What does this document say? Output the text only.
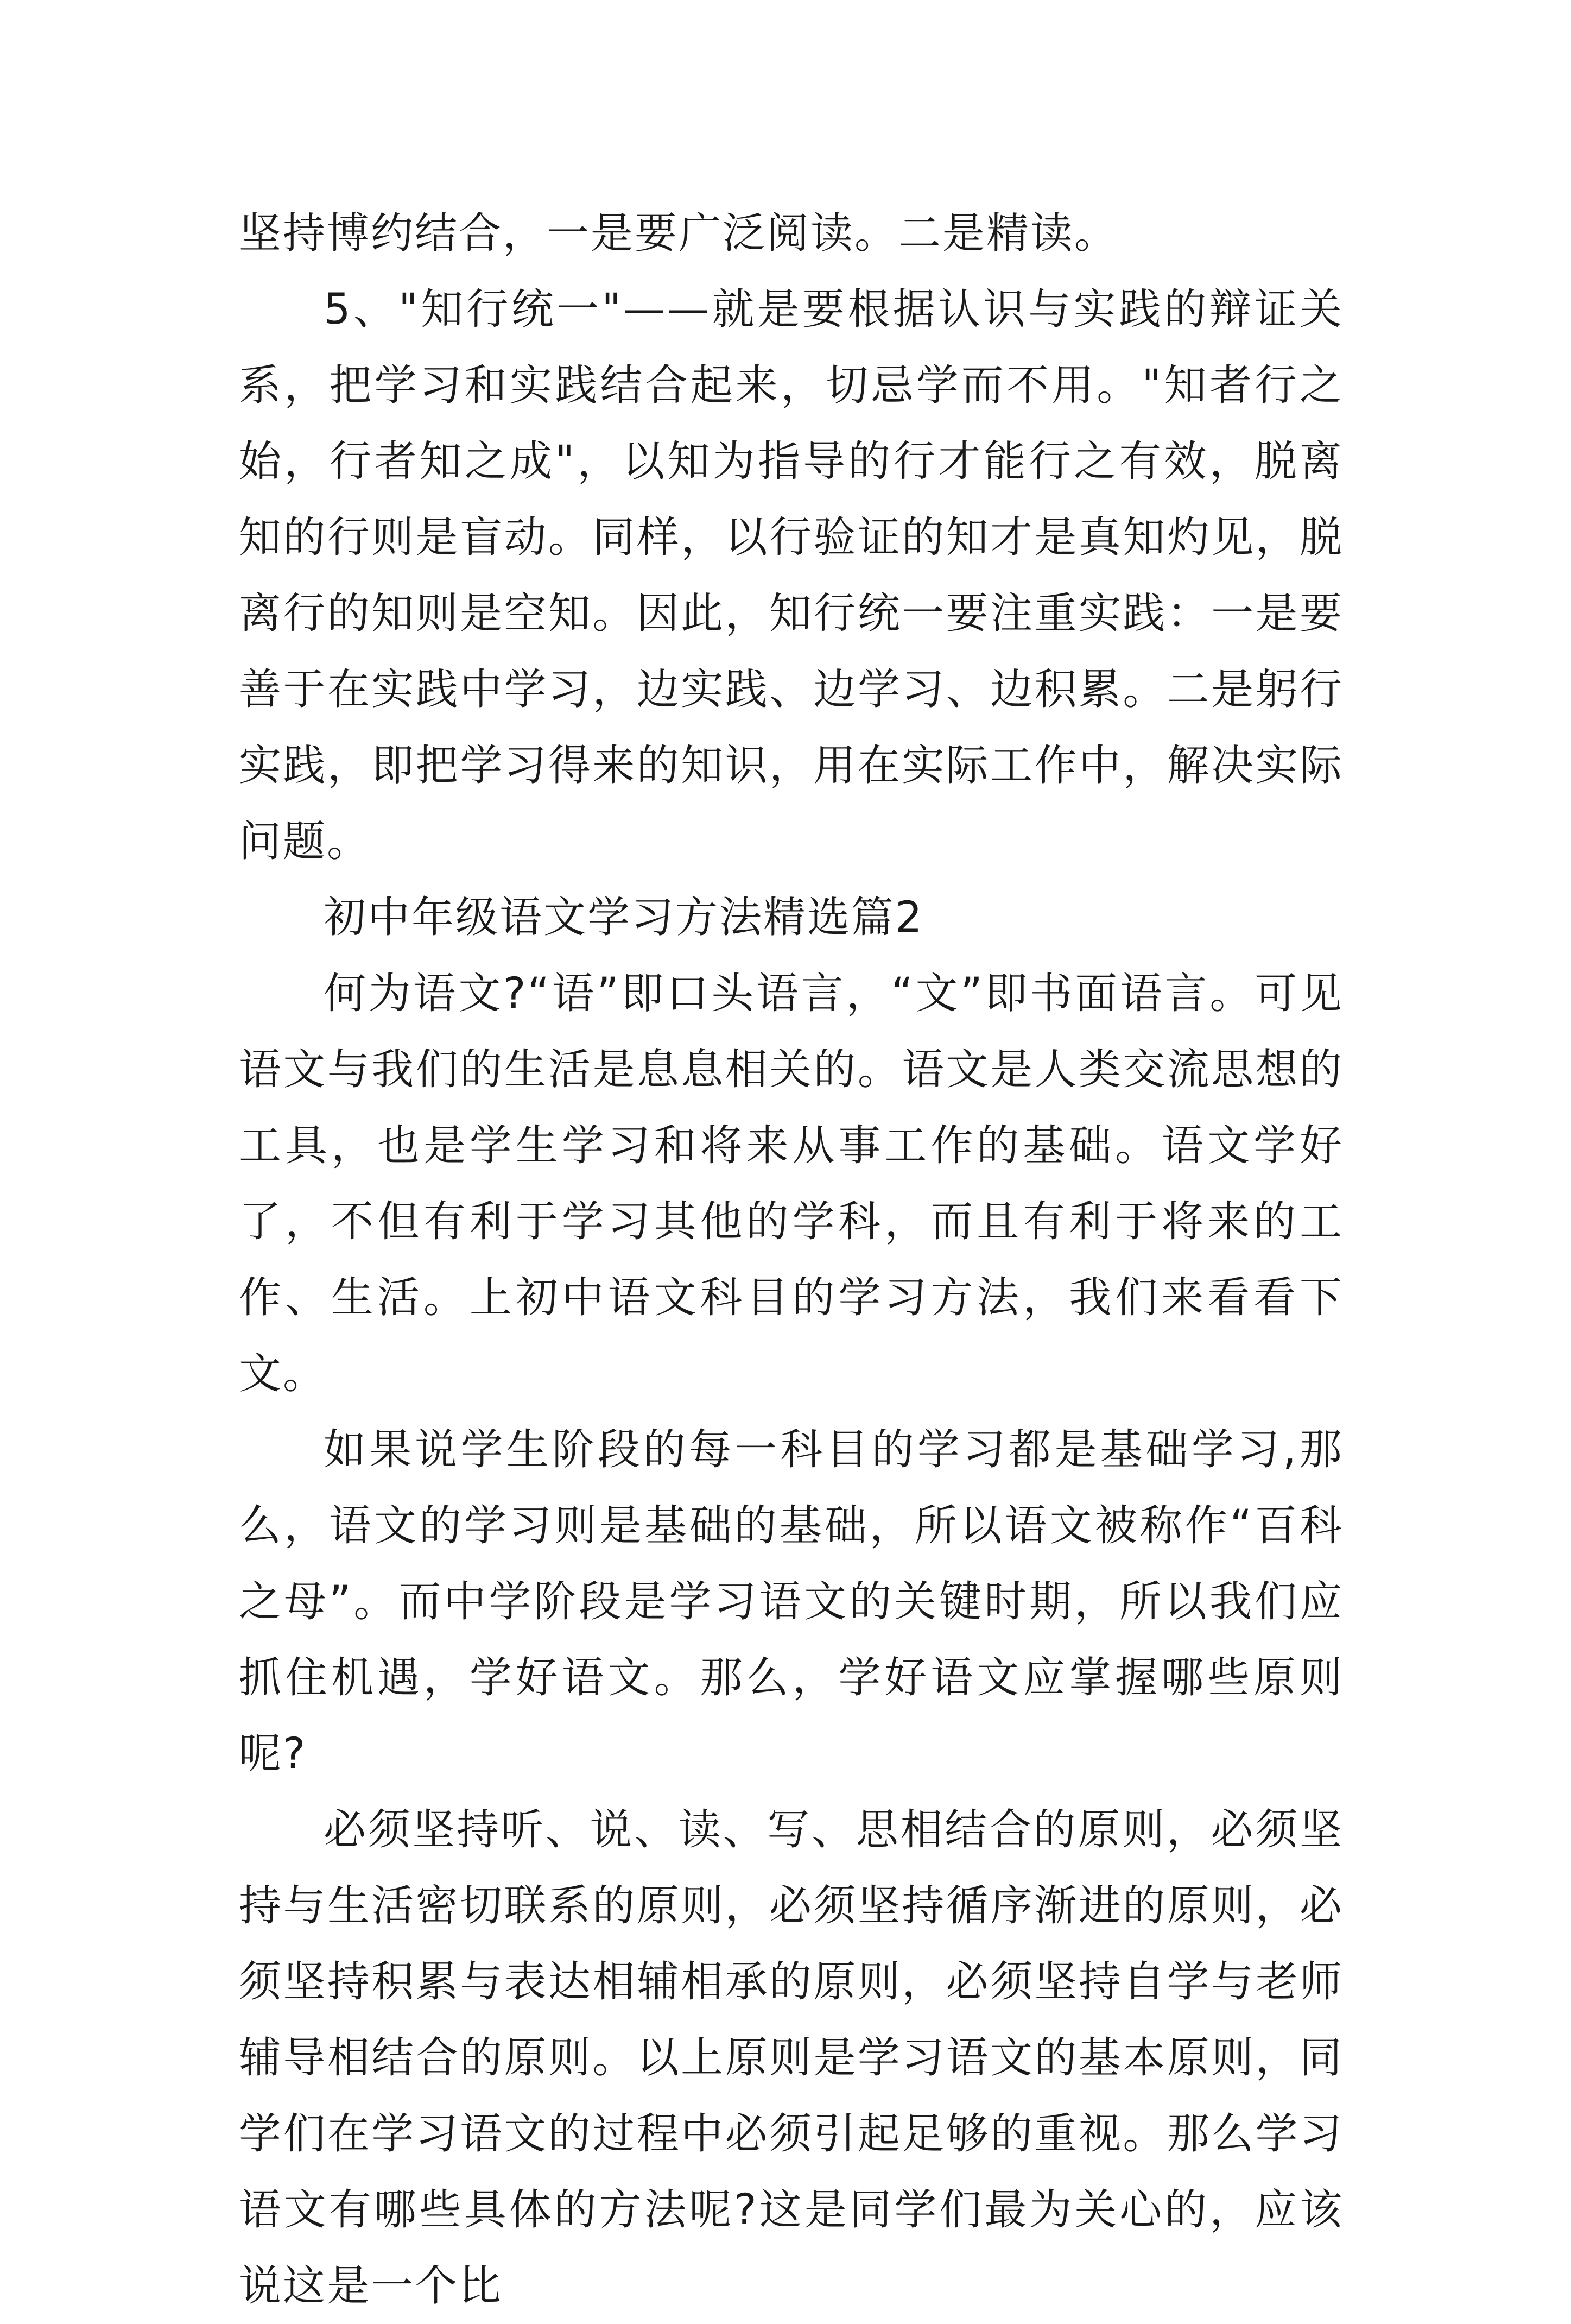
坚持博约结合，一是要广泛阅读。二是精读。

5、"知行统一"——就是要根据认识与实践的辩证关系，把学习和实践结合起来，切忌学而不用。"知者行之始，行者知之成"，以知为指导的行才能行之有效，脱离知的行则是盲动。同样，以行验证的知才是真知灼见，脱离行的知则是空知。因此，知行统一要注重实践：一是要善于在实践中学习，边实践、边学习、边积累。二是躬行实践，即把学习得来的知识，用在实际工作中，解决实际问题。

初中年级语文学习方法精选篇2

何为语文?“语”即口头语言，“文”即书面语言。可见语文与我们的生活是息息相关的。语文是人类交流思想的工具，也是学生学习和将来从事工作的基础。语文学好了，不但有利于学习其他的学科，而且有利于将来的工作、生活。上初中语文科目的学习方法，我们来看看下文。

如果说学生阶段的每一科目的学习都是基础学习,那么，语文的学习则是基础的基础，所以语文被称作“百科之母”。而中学阶段是学习语文的关键时期，所以我们应抓住机遇，学好语文。那么，学好语文应掌握哪些原则呢?

必须坚持听、说、读、写、思相结合的原则，必须坚持与生活密切联系的原则，必须坚持循序渐进的原则，必须坚持积累与表达相辅相承的原则，必须坚持自学与老师辅导相结合的原则。以上原则是学习语文的基本原则，同学们在学习语文的过程中必须引起足够的重视。那么学习语文有哪些具体的方法呢?这是同学们最为关心的，应该说这是一个比
